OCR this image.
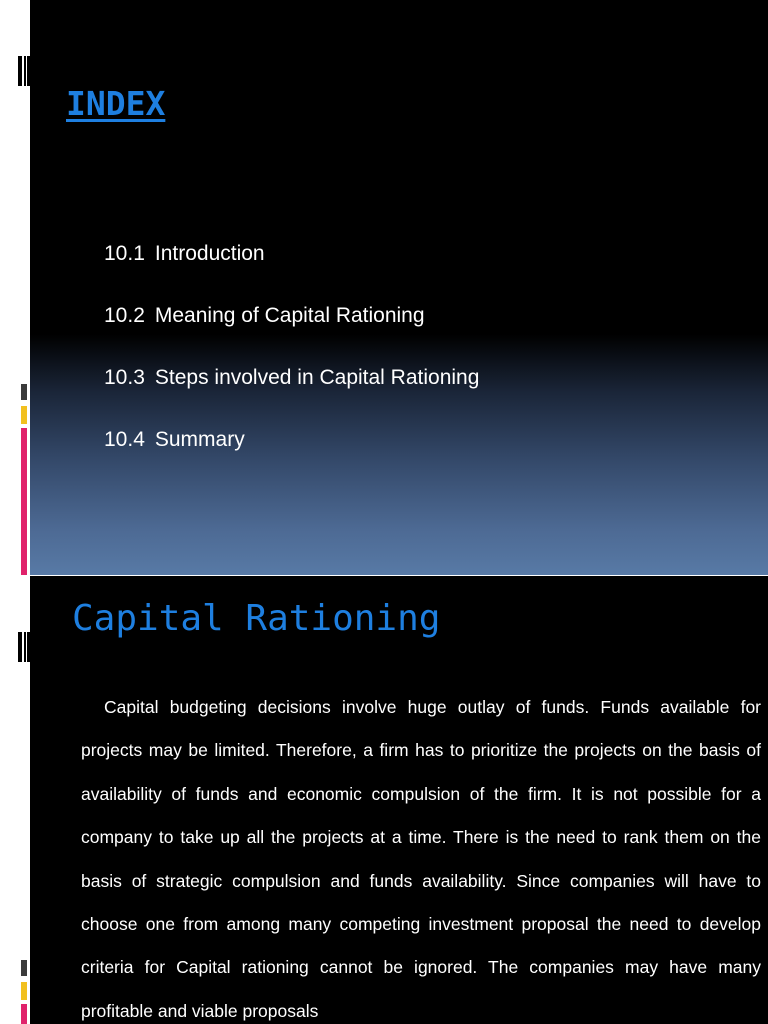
INDEX
10.1 Introduction
10.2 Meaning of Capital Rationing
10.3 Steps involved in Capital Rationing
10.4 Summary
Capital Rationing

Capital budgeting decisions involve huge outlay of funds. Funds available for projects may be limited. Therefore, a firm has to prioritize the projects on the basis of availability of funds and economic compulsion of the firm. It is not possible for a company to take up all the projects at a time. There is the need to rank them on the basis of strategic compulsion and funds availability. Since companies will have to choose one from among many competing investment proposal the need to develop criteria for Capital rationing cannot be ignored. The companies may have many profitable and viable proposals
